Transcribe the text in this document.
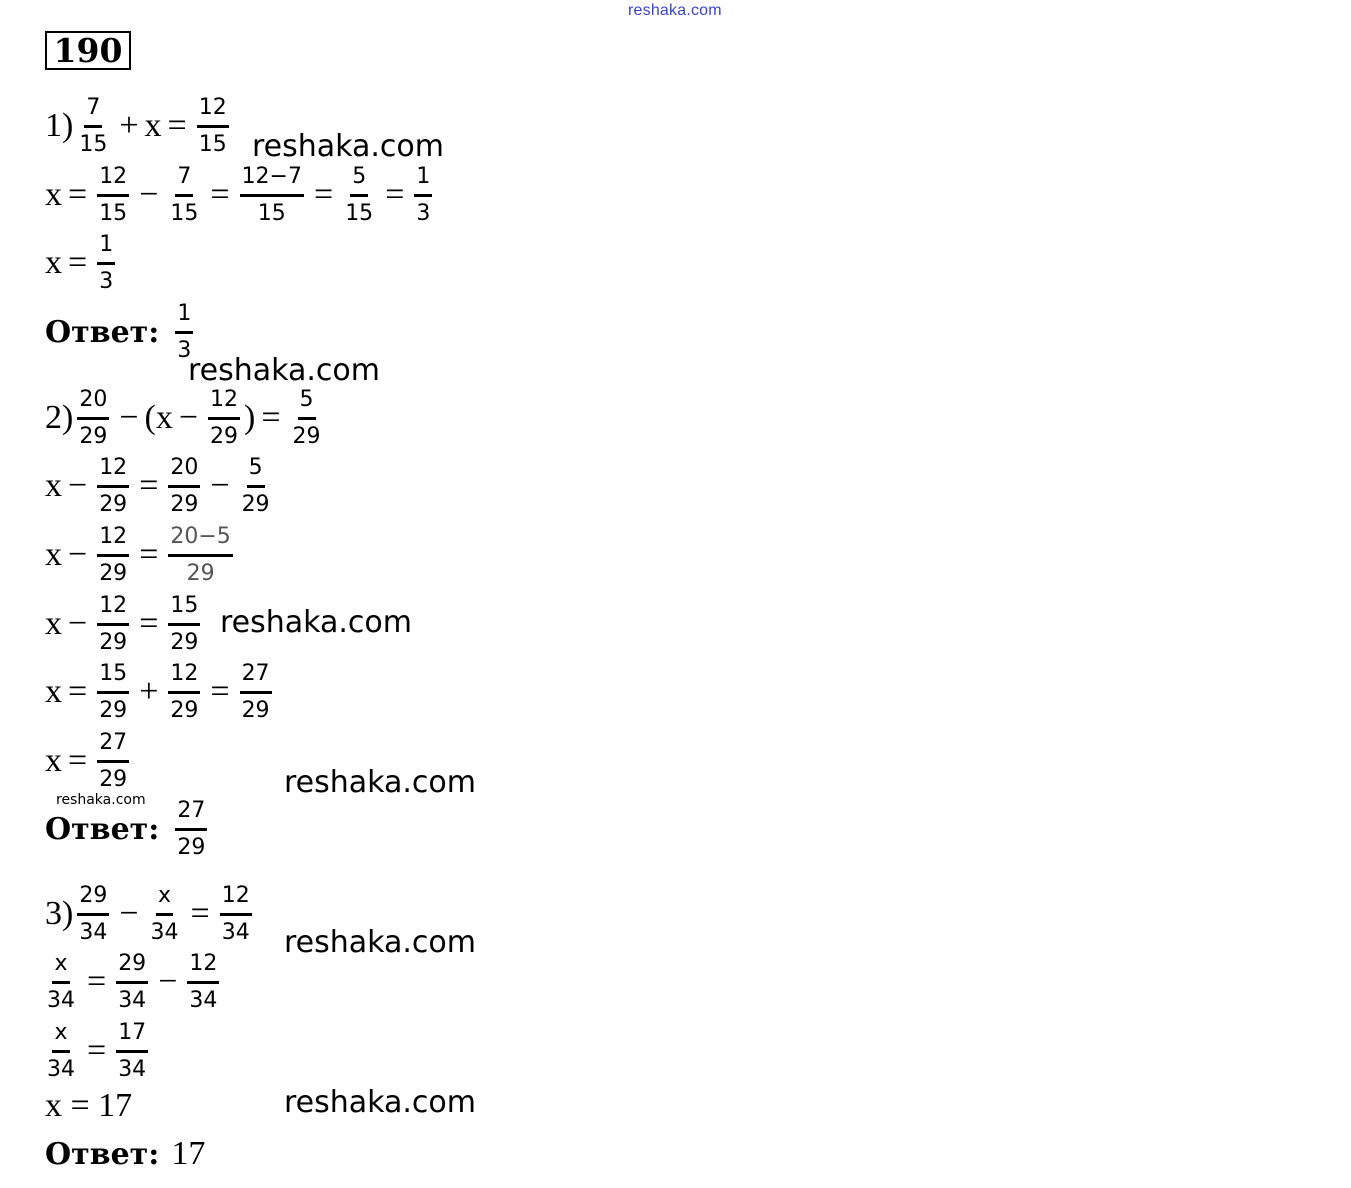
reshaka.com
190
$1) \frac{7}{15} + x = \frac{12}{15}$ reshaka.com
$x = \frac{12}{15} - \frac{7}{15} = \frac{12-7}{15} = \frac{5}{15} = \frac{1}{3}$
$x = \frac{1}{3}$
Ответ: $\frac{1}{3}$
reshaka.com
$2) \frac{20}{29} - (x - \frac{12}{29}$ ) = $\frac{5}{29}$
$x - \frac{12}{29} = \frac{20}{29} - \frac{5}{29}$
$x - \frac{12}{29} = \frac{20-5}{29}$
$x - \frac{12}{29} = \frac{15}{29}$ reshaka.com
$x = \frac{15}{29} + \frac{12}{29} = \frac{27}{29}$
$x = \frac{27}{29}$	reshaka.com
reshaka.com
Ответ: $\frac{27}{29}$
$3) \frac{29}{34} - \frac{x}{34} = \frac{12}{34}$ reshaka.com
$\frac{x}{34} = \frac{29}{34} - \frac{12}{34}$
$\frac{x}{34} = \frac{17}{34}$
x = 17	reshaka.com
Ответ: 17
